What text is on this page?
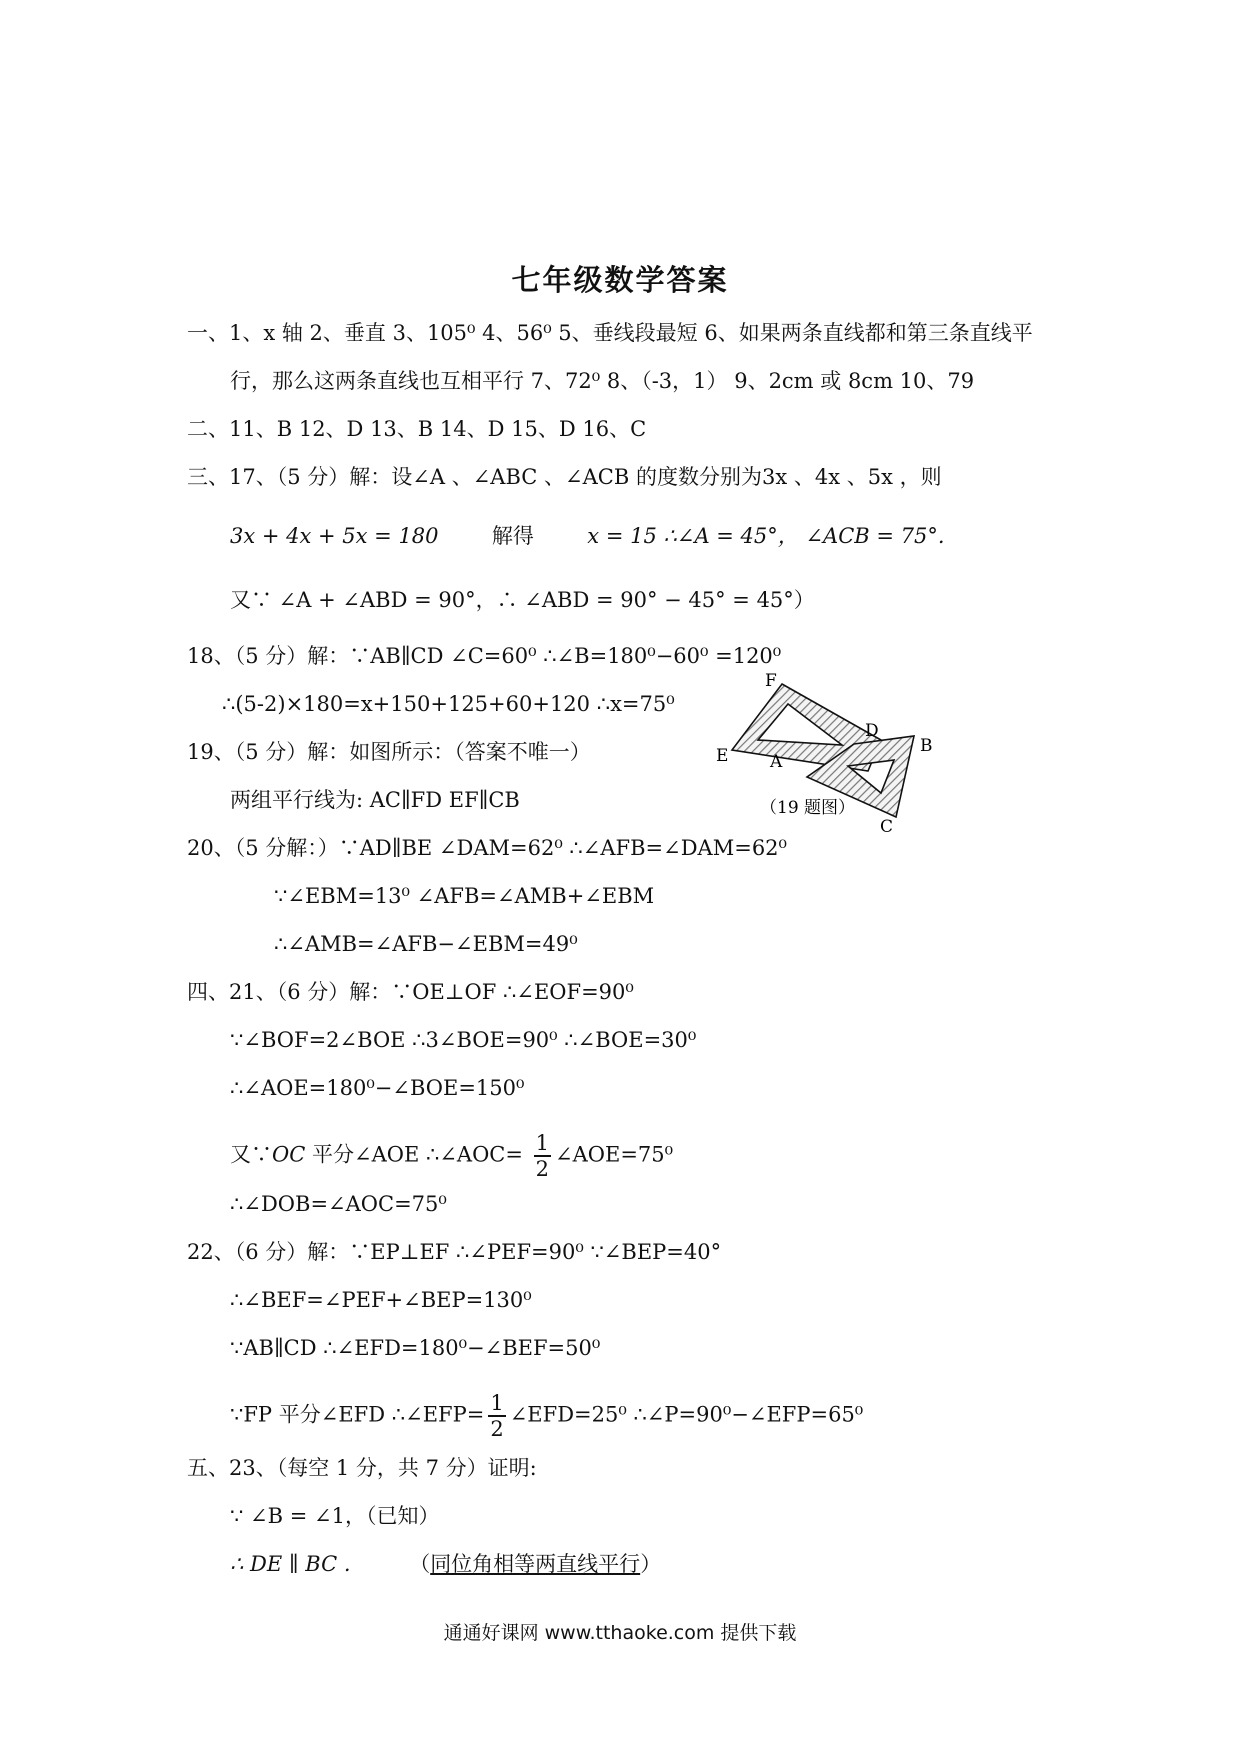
七年级数学答案
一、1、x 轴 2、垂直 3、105⁰ 4、56⁰ 5、垂线段最短 6、如果两条直线都和第三条直线平
行，那么这两条直线也互相平行 7、72⁰ 8、（-3，1） 9、2cm 或 8cm 10、79
二、11、B 12、D 13、B 14、D 15、D 16、C
三、17、（5 分）解：设∠A 、∠ABC 、∠ACB 的度数分别为3x 、4x 、5x ，则
3x + 4x + 5x = 180	解得	x = 15 ∴∠A = 45°， ∠ACB = 75°.
又∵ ∠A + ∠ABD = 90°，∴ ∠ABD = 90° − 45° = 45°）
18、（5 分）解：∵AB∥CD ∠C=60⁰ ∴∠B=180⁰−60⁰ =120⁰
∴(5-2)×180=x+150+125+60+120 ∴x=75⁰
19、（5 分）解：如图所示：（答案不唯一）
两组平行线为: AC∥FD EF∥CB
F
D
B
E A
C
（19 题图）
20、（5 分解：）∵AD∥BE ∠DAM=62⁰ ∴∠AFB=∠DAM=62⁰
∵∠EBM=13⁰ ∠AFB=∠AMB+∠EBM
∴∠AMB=∠AFB−∠EBM=49⁰
四、21、（6 分）解：∵OE⊥OF ∴∠EOF=90⁰
∵∠BOF=2∠BOE ∴3∠BOE=90⁰ ∴∠BOE=30⁰
∴∠AOE=180⁰−∠BOE=150⁰
又∵OC 平分∠AOE ∴∠AOC= $\frac{1}{2}$ ∠AOE=75⁰
∴∠DOB=∠AOC=75⁰
22、（6 分）解：∵EP⊥EF ∴∠PEF=90⁰ ∵∠BEP=40°
∴∠BEF=∠PEF+∠BEP=130⁰
∵AB∥CD ∴∠EFD=180⁰−∠BEF=50⁰
∵FP 平分∠EFD ∴∠EFP= $\frac{1}{2}$ ∠EFD=25⁰ ∴∠P=90⁰−∠EFP=65⁰
五、23、（每空 1 分，共 7 分）证明:
∵ ∠B = ∠1，（已知）
∴ DE ∥ BC .	（同位角相等两直线平行）
通通好课网 www.tthaoke.com 提供下载
